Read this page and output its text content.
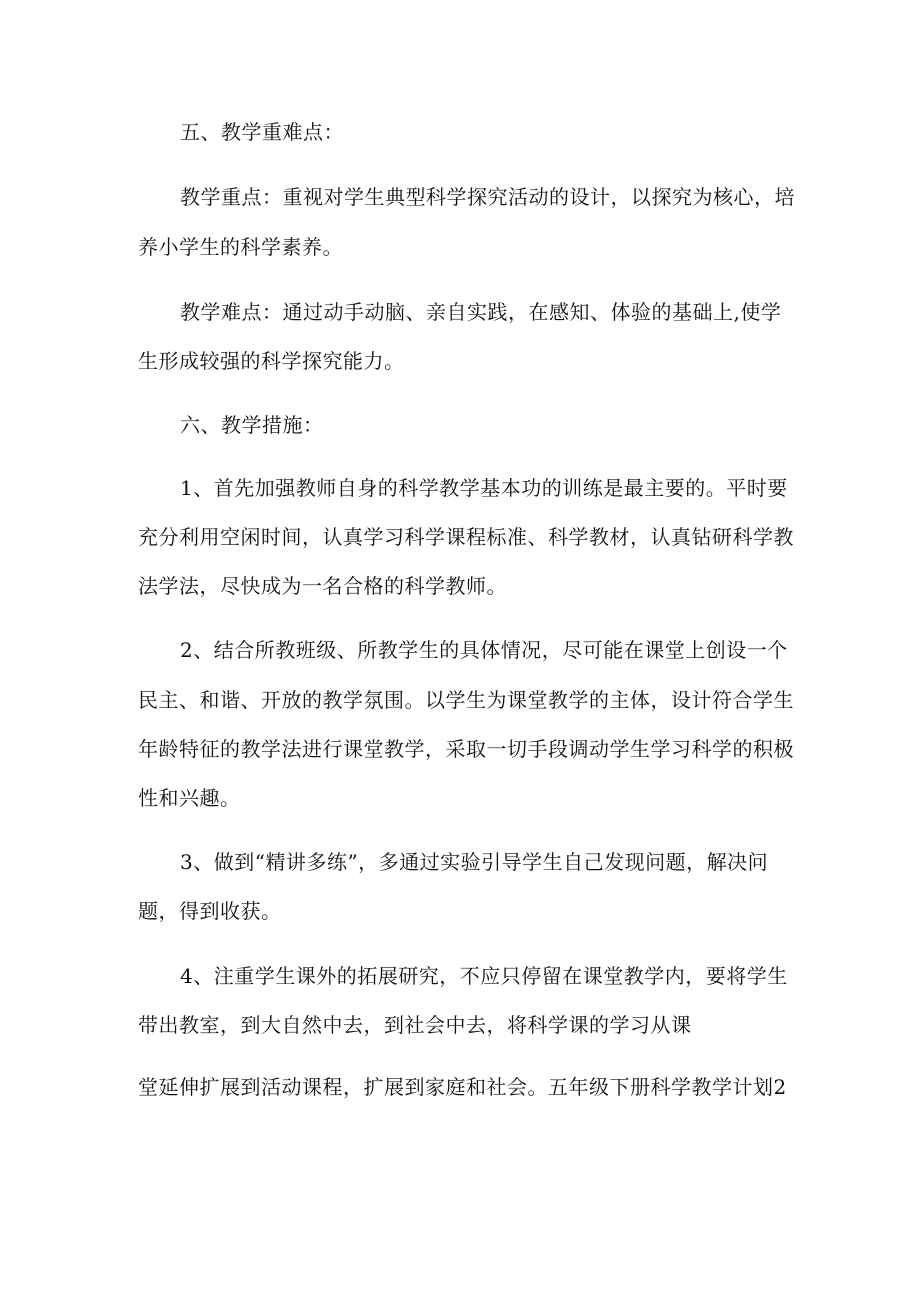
五、教学重难点：
教学重点：重视对学生典型科学探究活动的设计，以探究为核心，培
养小学生的科学素养。
教学难点：通过动手动脑、亲自实践，在感知、体验的基础上,使学
生形成较强的科学探究能力。
六、教学措施：
1、首先加强教师自身的科学教学基本功的训练是最主要的。平时要
充分利用空闲时间，认真学习科学课程标准、科学教材，认真钻研科学教
法学法，尽快成为一名合格的科学教师。
2、结合所教班级、所教学生的具体情况，尽可能在课堂上创设一个
民主、和谐、开放的教学氛围。以学生为课堂教学的主体，设计符合学生
年龄特征的教学法进行课堂教学，采取一切手段调动学生学习科学的积极
性和兴趣。
3、做到“精讲多练”，多通过实验引导学生自己发现问题，解决问
题，得到收获。
4、注重学生课外的拓展研究，不应只停留在课堂教学内，要将学生
带出教室，到大自然中去，到社会中去，将科学课的学习从课
堂延伸扩展到活动课程，扩展到家庭和社会。五年级下册科学教学计划2
